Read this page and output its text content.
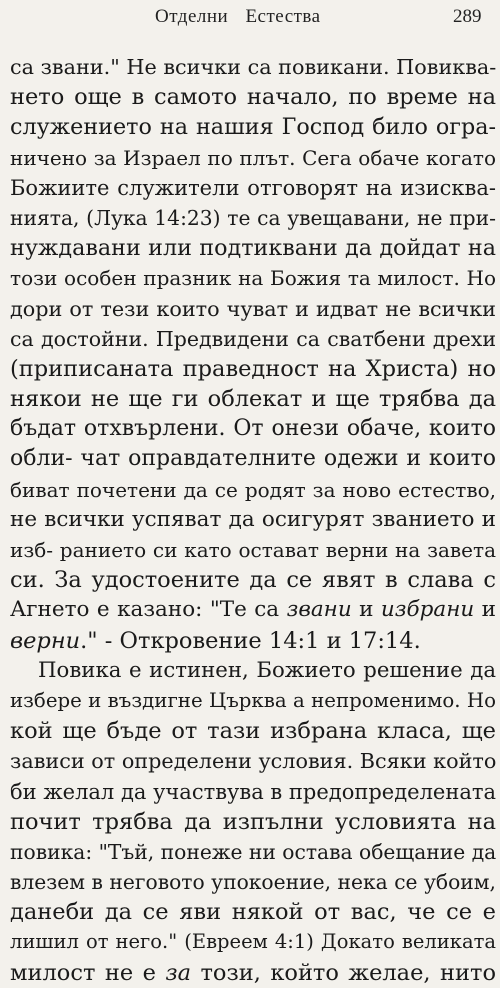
Отделни Естества	289
са звани." Не всички са повикани. Повиква-
нето още в самото начало, по време на
служението на нашия Господ било огра-
ничено за Израел по плът. Сега обаче когато
Божиите служители отговорят на изисква-
нията, (Лука 14:23) те са увещавани, не при-
нуждавани или подтиквани да дойдат на
този особен празник на Божия та милост. Но
дори от тези които чуват и идват не всички
са достойни. Предвидени са сватбени дрехи
(приписаната праведност на Христа) но
някои не ще ги облекат и ще трябва да
бъдат отхвърлени. От онези обаче, които
обли- чат оправдателните одежи и които
биват почетени да се родят за ново естество,
не всички успяват да осигурят званието и
изб- ранието си като остават верни на завета
си. За удостоените да се явят в слава с
Агнето е казано: "Те са звани и избрани и
верни." - Откровение 14:1 и 17:14.
Повика е истинен, Божието решение да
избере и въздигне Църква а непроменимо. Но
кой ще бъде от тази избрана класа, ще
зависи от определени условия. Всяки който
би желал да участвува в предопределената
почит трябва да изпълни условията на
повика: "Тъй, понеже ни остава обещание да
влезем в неговото упокоение, нека се убоим,
данеби да се яви някой от вас, че се е
лишил от него." (Евреем 4:1) Докато великата
милост не е за този, който желае, нито
